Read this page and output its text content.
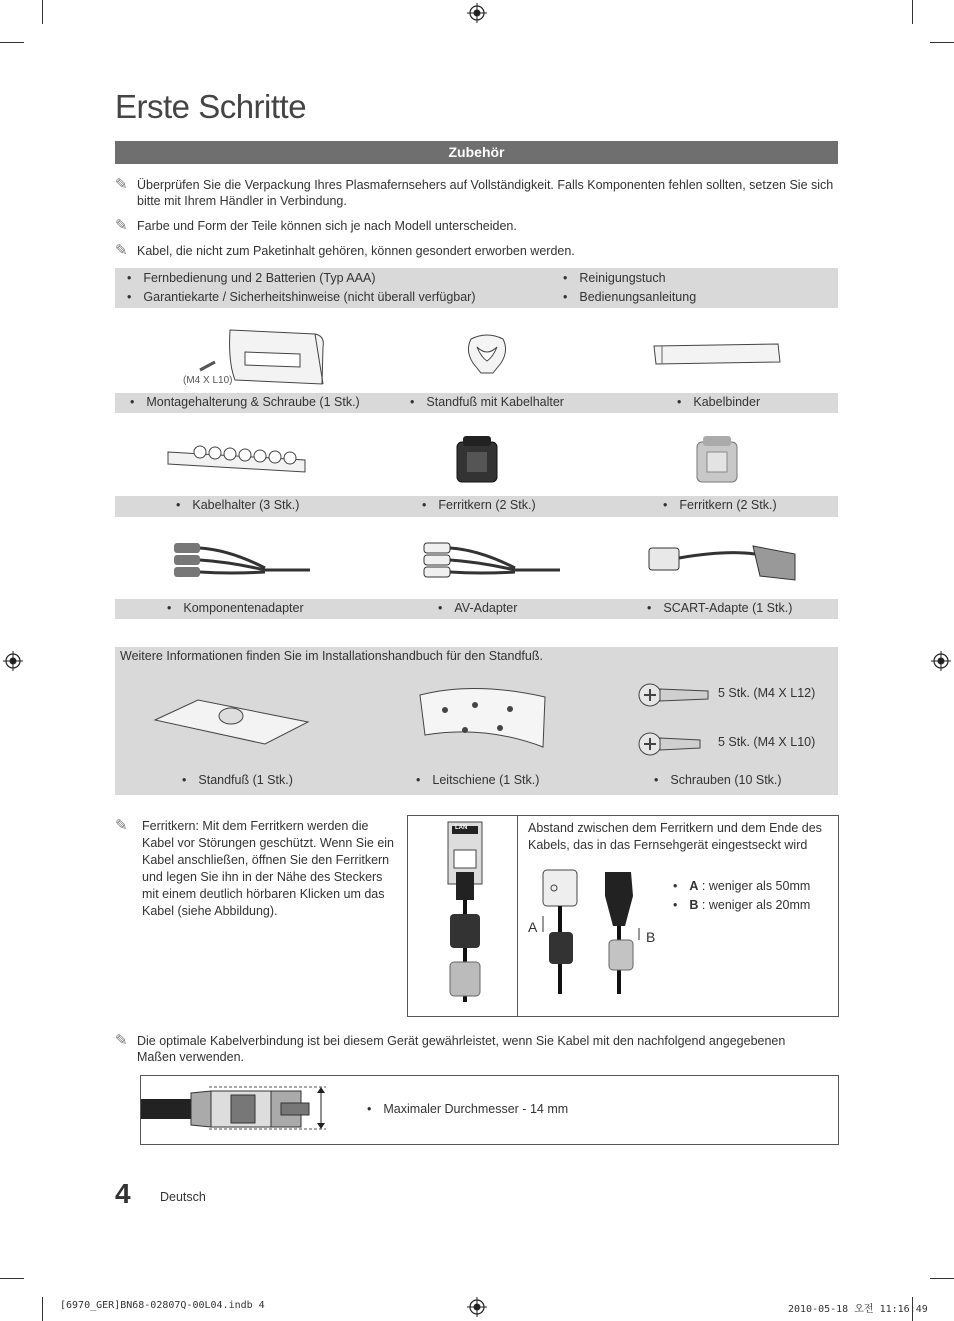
Erste Schritte
Zubehör
✎ Überprüfen Sie die Verpackung Ihres Plasmafernsehers auf Vollständigkeit. Falls Komponenten fehlen sollten, setzen Sie sich bitte mit Ihrem Händler in Verbindung.
✎ Farbe und Form der Teile können sich je nach Modell unterscheiden.
✎ Kabel, die nicht zum Paketinhalt gehören, können gesondert erworben werden.
• Fernbedienung und 2 Batterien (Typ AAA)
• Garantiekarte / Sicherheitshinweise (nicht überall verfügbar)
• Reinigungstuch
• Bedienungsanleitung
(M4 X L10)
• Montagehalterung & Schraube (1 Stk.)	• Standfuß mit Kabelhalter	• Kabelbinder
• Kabelhalter (3 Stk.)	• Ferritkern (2 Stk.)	• Ferritkern (2 Stk.)
• Komponentenadapter	• AV-Adapter	• SCART-Adapte (1 Stk.)
Weitere Informationen finden Sie im Installationshandbuch für den Standfuß.
5 Stk. (M4 X L12)
5 Stk. (M4 X L10)
• Standfuß (1 Stk.)	• Leitschiene (1 Stk.)	• Schrauben (10 Stk.)
✎ Ferritkern: Mit dem Ferritkern werden die Kabel vor Störungen geschützt. Wenn Sie ein Kabel anschließen, öffnen Sie den Ferritkern und legen Sie ihn in der Nähe des Steckers mit einem deutlich hörbaren Klicken um das Kabel (siehe Abbildung).
LAN	Abstand zwischen dem Ferritkern und dem Ende des Kabels, das in das Fernsehgerät eingestseckt wird
A
B
• A : weniger als 50mm
• B : weniger als 20mm
✎ Die optimale Kabelverbindung ist bei diesem Gerät gewährleistet, wenn Sie Kabel mit den nachfolgend angegebenen Maßen verwenden.
• Maximaler Durchmesser - 14 mm
4 Deutsch
[6970_GER]BN68-02807Q-00L04.indb 4	2010-05-18 오전 11:16:49
